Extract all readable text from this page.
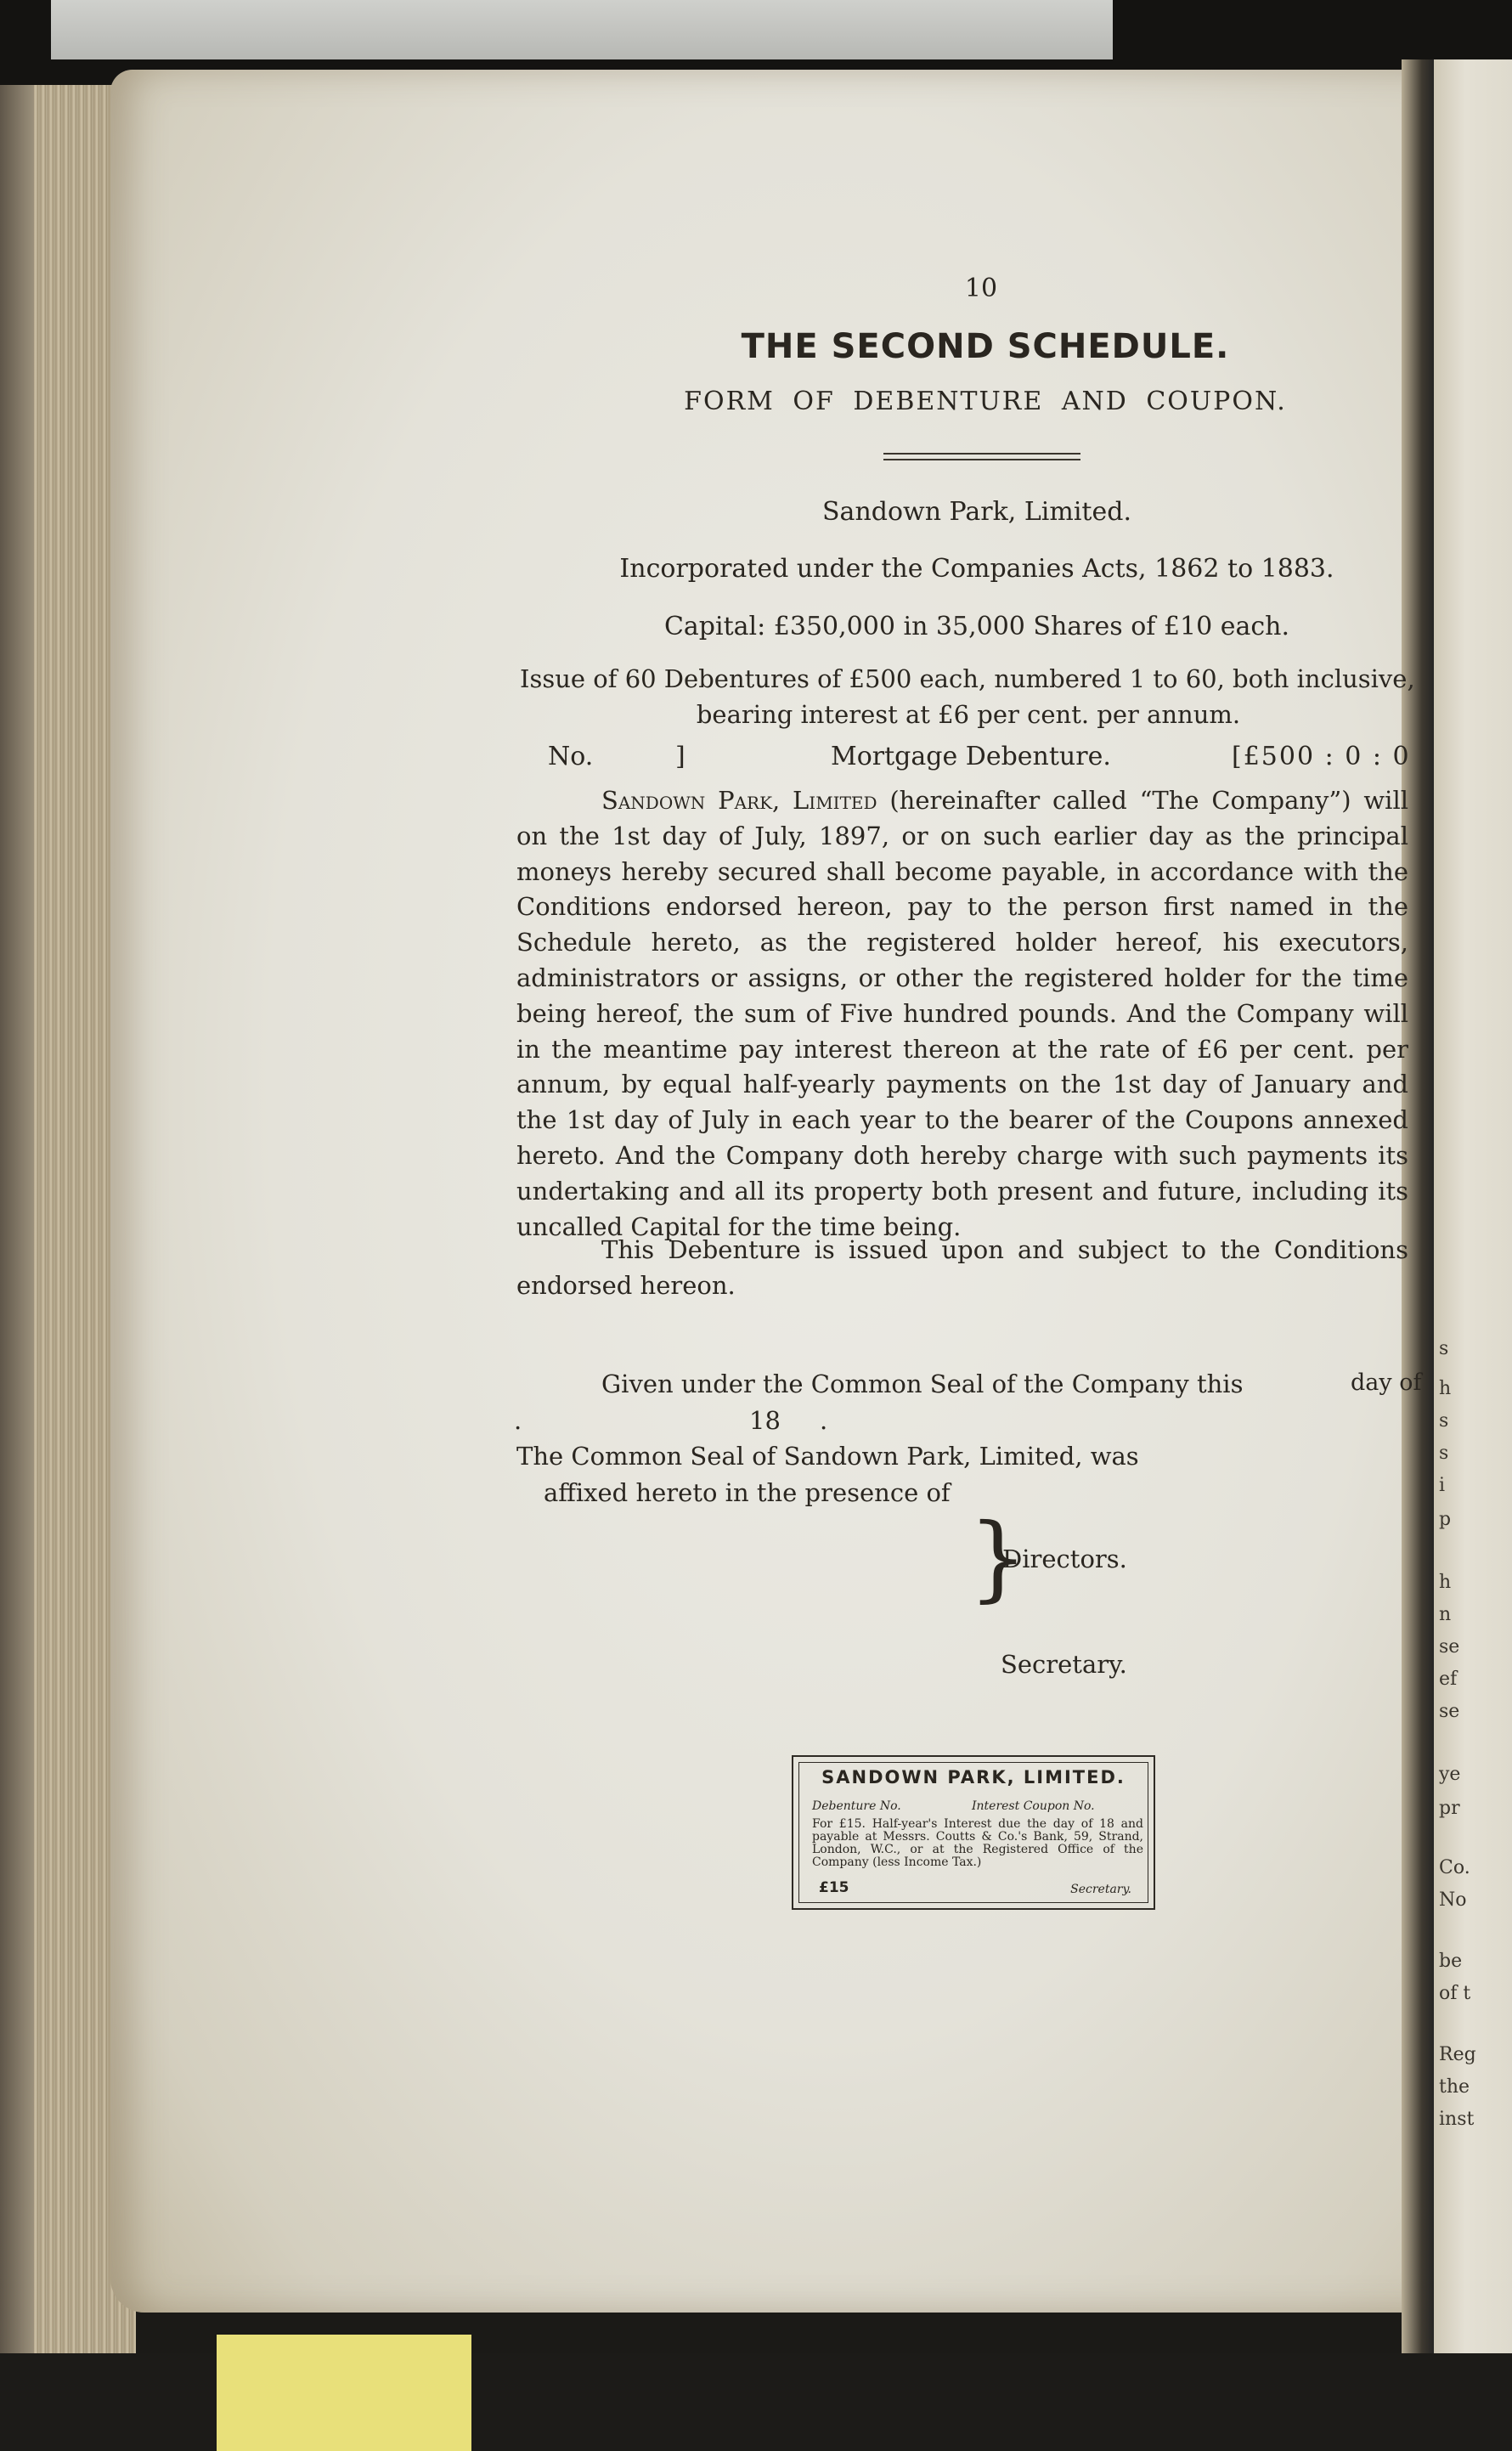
s
h
s
s
i
p
h
n
se
ef
se
ye
pr
Co.
No
be
of t
Reg
the
inst
10
THE SECOND SCHEDULE.
FORM OF DEBENTURE AND COUPON.
Sandown Park, Limited.
Incorporated under the Companies Acts, 1862 to 1883.
Capital: £350,000 in 35,000 Shares of £10 each.
Issue of 60 Debentures of £500 each, numbered 1 to 60, both inclusive,
bearing interest at £6 per cent. per annum.
No.	]	Mortgage Debenture.	[£500 : 0 : 0
Sandown Park, Limited (hereinafter called “The Company”) will on the 1st day of July, 1897, or on such earlier day as the principal moneys hereby secured shall become payable, in accordance with the Conditions endorsed hereon, pay to the person first named in the Schedule hereto, as the registered holder hereof, his executors, administrators or assigns, or other the registered holder for the time being hereof, the sum of Five hundred pounds. And the Company will in the meantime pay interest thereon at the rate of £6 per cent. per annum, by equal half-yearly payments on the 1st day of January and the 1st day of July in each year to the bearer of the Coupons annexed hereto. And the Company doth hereby charge with such payments its undertaking and all its property both present and future, including its uncalled Capital for the time being.
This Debenture is issued upon and subject to the Conditions endorsed hereon.
Given under the Common Seal of the Company this	day of
.	18 .
The Common Seal of Sandown Park, Limited, was
affixed hereto in the presence of
}
Directors.
Secretary.
SANDOWN PARK, LIMITED.
Debenture No.	Interest Coupon No.
For £15. Half-year's Interest due the day of 18 and payable at Messrs. Coutts & Co.'s Bank, 59, Strand, London, W.C., or at the Registered Office of the Company (less Income Tax.)
£15	Secretary.
